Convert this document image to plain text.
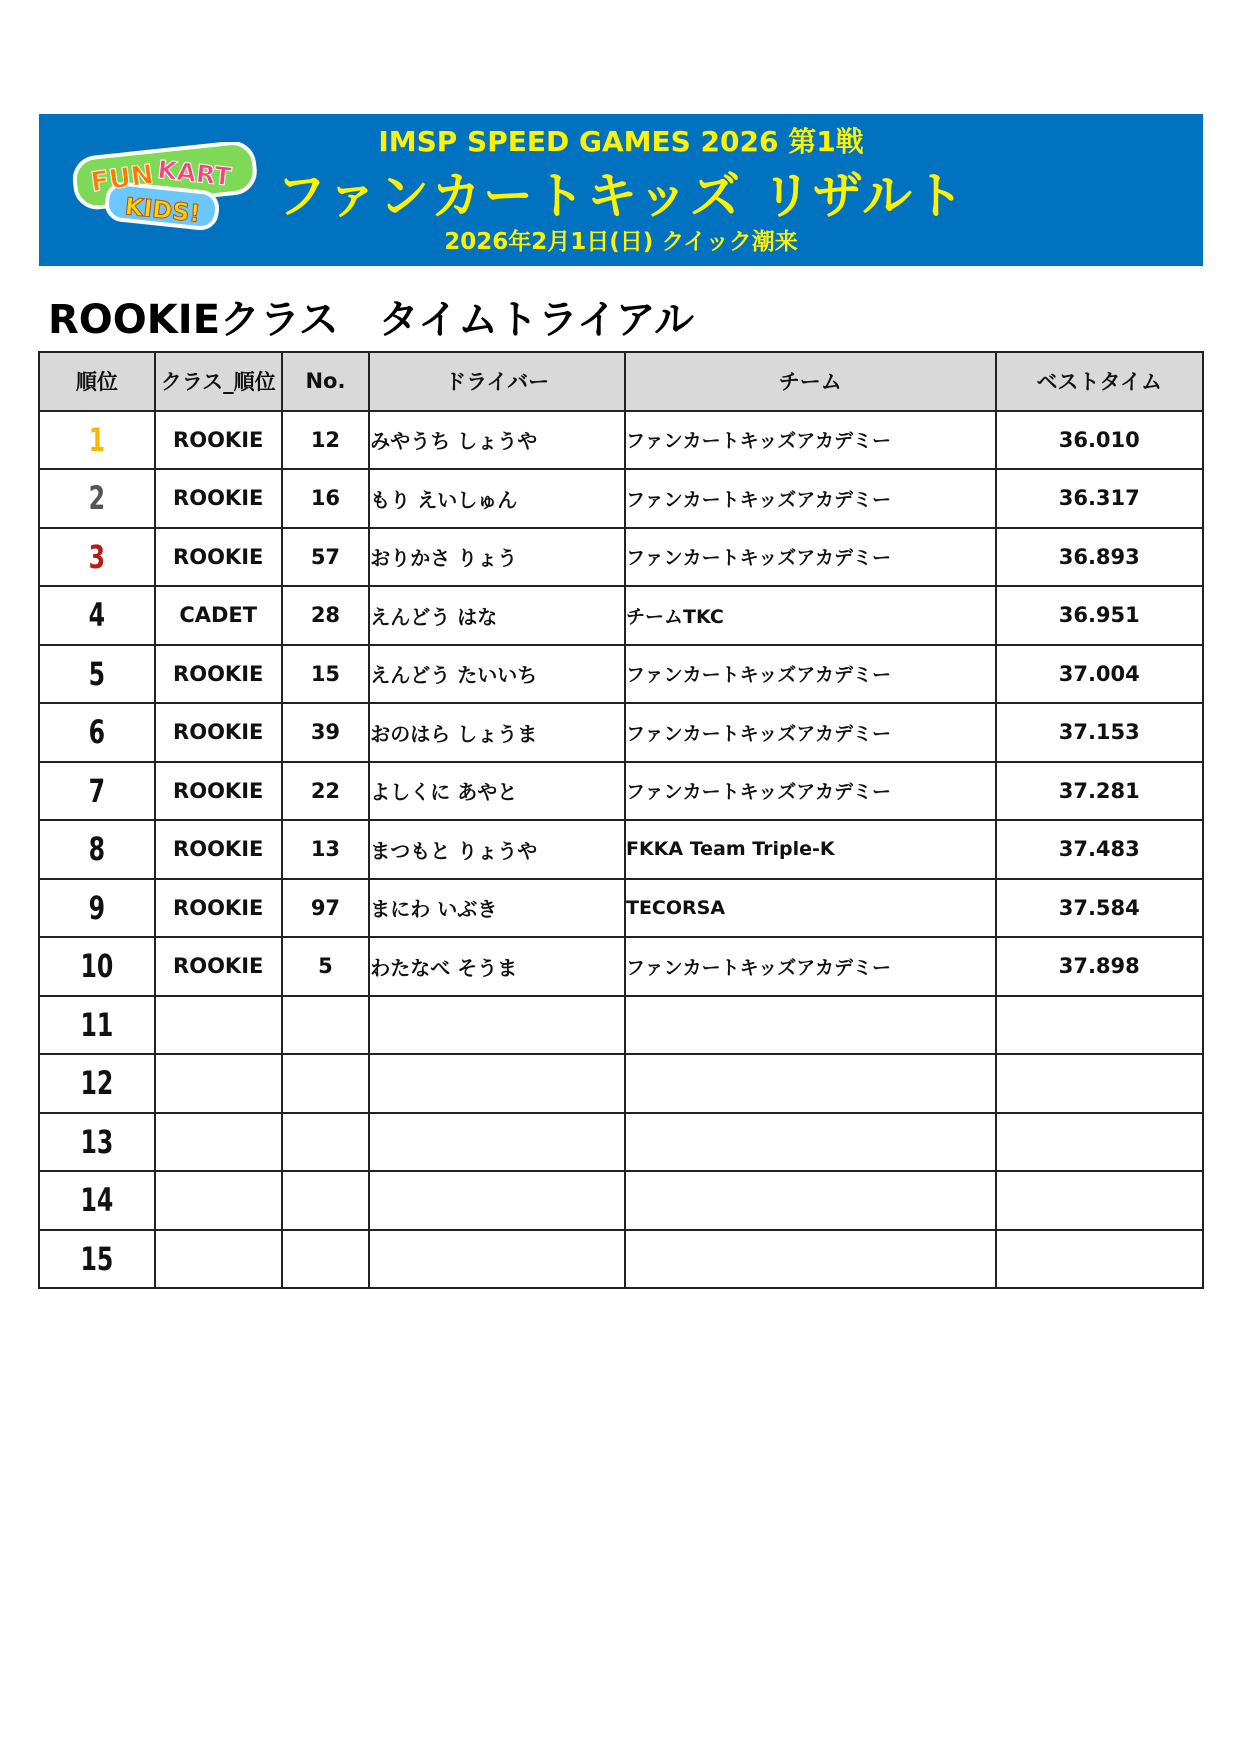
FUN KART
KIDS!
IMSP SPEED GAMES 2026 第1戦
ファンカートキッズ リザルト
2026年2月1日(日) クイック潮来
ROOKIEクラス　タイムトライアル
順位	クラス_順位	No.	ドライバー	チーム	ベストタイム
1	ROOKIE	12	みやうち しょうや	ファンカートキッズアカデミー	36.010
2	ROOKIE	16	もり えいしゅん	ファンカートキッズアカデミー	36.317
3	ROOKIE	57	おりかさ りょう	ファンカートキッズアカデミー	36.893
4	CADET	28	えんどう はな	チームTKC	36.951
5	ROOKIE	15	えんどう たいいち	ファンカートキッズアカデミー	37.004
6	ROOKIE	39	おのはら しょうま	ファンカートキッズアカデミー	37.153
7	ROOKIE	22	よしくに あやと	ファンカートキッズアカデミー	37.281
8	ROOKIE	13	まつもと りょうや	FKKA Team Triple-K	37.483
9	ROOKIE	97	まにわ いぶき	TECORSA	37.584
10	ROOKIE	5	わたなべ そうま	ファンカートキッズアカデミー	37.898
11					
12					
13					
14					
15					
